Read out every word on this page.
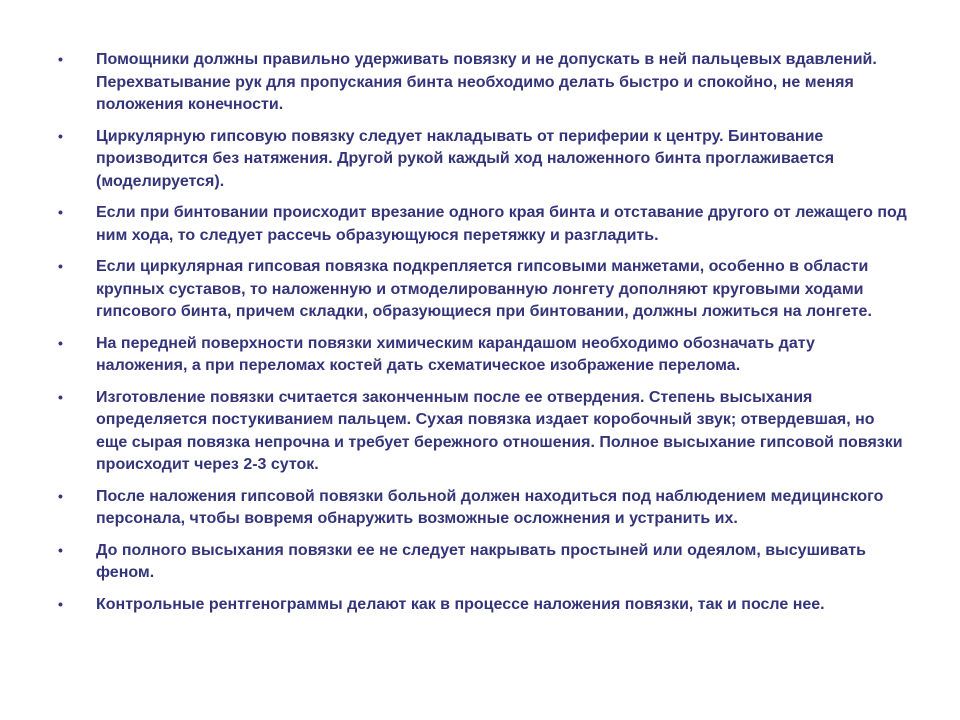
• Помощники должны правильно удерживать повязку и не допускать в ней пальцевых вдавлений. Перехватывание рук для пропускания бинта необходимо делать быстро и спокойно, не меняя положения конечности.
• Циркулярную гипсовую повязку следует накладывать от периферии к центру. Бинтование производится без натяжения. Другой рукой каждый ход наложенного бинта проглаживается (моделируется).
• Если при бинтовании происходит врезание одного края бинта и отставание другого от лежащего под ним хода, то следует рассечь образующуюся перетяжку и разгладить.
• Если циркулярная гипсовая повязка подкрепляется гипсовыми манжетами, особенно в области крупных суставов, то наложенную и отмоделированную лонгету дополняют круговыми ходами гипсового бинта, причем складки, образующиеся при бинтовании, должны ложиться на лонгете.
• На передней поверхности повязки химическим карандашом необходимо обозначать дату наложения, а при переломах костей дать схематическое изображение перелома.
• Изготовление повязки считается законченным после ее отвердения. Степень высыхания определяется постукиванием пальцем. Сухая повязка издает коробочный звук; отвердевшая, но еще сырая повязка непрочна и требует бережного отношения. Полное высыхание гипсовой повязки происходит через 2-3 суток.
• После наложения гипсовой повязки больной должен находиться под наблюдением медицинского персонала, чтобы вовремя обнаружить возможные осложнения и устранить их.
• До полного высыхания повязки ее не следует накрывать простыней или одеялом, высушивать феном.
• Контрольные рентгенограммы делают как в процессе наложения повязки, так и после нее.
